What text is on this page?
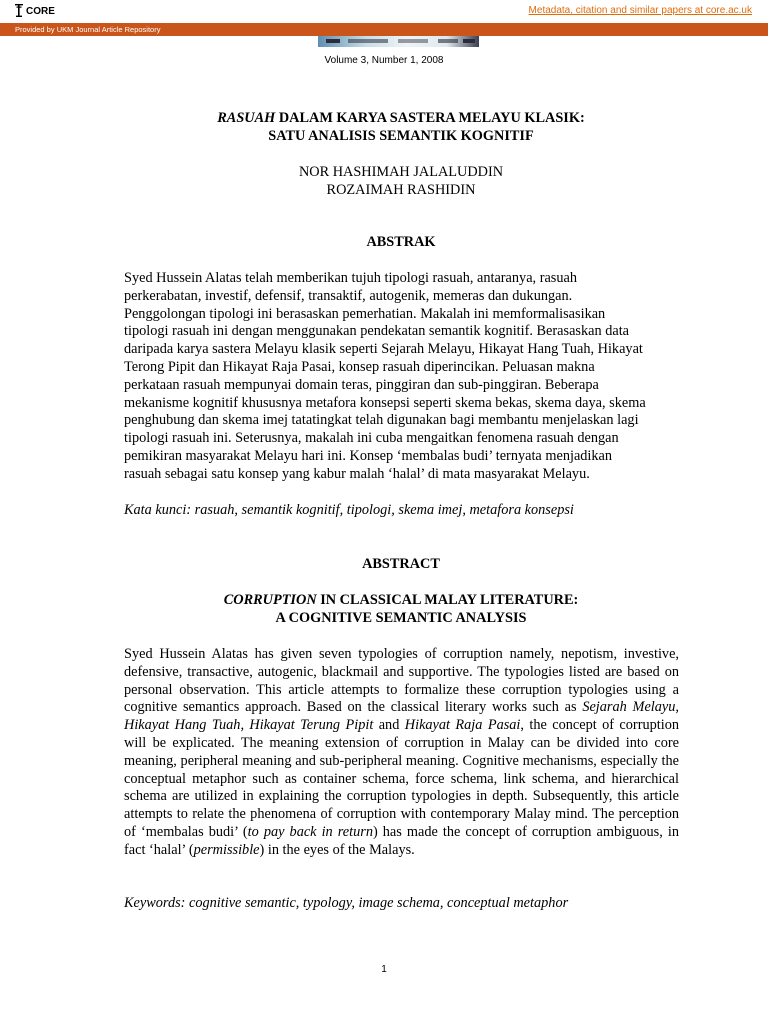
CORE	Metadata, citation and similar papers at core.ac.uk
Provided by UKM Journal Article Repository
Volume 3, Number 1, 2008
RASUAH DALAM KARYA SASTERA MELAYU KLASIK:
SATU ANALISIS SEMANTIK KOGNITIF
NOR HASHIMAH JALALUDDIN
ROZAIMAH RASHIDIN
ABSTRAK
Syed Hussein Alatas telah memberikan tujuh tipologi rasuah, antaranya, rasuah
perkerabatan, investif, defensif, transaktif, autogenik, memeras dan dukungan.
Penggolongan tipologi ini berasaskan pemerhatian. Makalah ini memformalisasikan
tipologi rasuah ini dengan menggunakan pendekatan semantik kognitif. Berasaskan data
daripada karya sastera Melayu klasik seperti Sejarah Melayu, Hikayat Hang Tuah, Hikayat
Terong Pipit dan Hikayat Raja Pasai, konsep rasuah diperincikan. Peluasan makna
perkataan rasuah mempunyai domain teras, pinggiran dan sub-pinggiran. Beberapa
mekanisme kognitif khususnya metafora konsepsi seperti skema bekas, skema daya, skema
penghubung dan skema imej tatatingkat telah digunakan bagi membantu menjelaskan lagi
tipologi rasuah ini. Seterusnya, makalah ini cuba mengaitkan fenomena rasuah dengan
pemikiran masyarakat Melayu hari ini. Konsep ‘membalas budi’ ternyata menjadikan
rasuah sebagai satu konsep yang kabur malah ‘halal’ di mata masyarakat Melayu.
Kata kunci: rasuah, semantik kognitif, tipologi, skema imej, metafora konsepsi
ABSTRACT
CORRUPTION IN CLASSICAL MALAY LITERATURE:
A COGNITIVE SEMANTIC ANALYSIS
Syed Hussein Alatas has given seven typologies of corruption namely, nepotism, investive, defensive, transactive, autogenic, blackmail and supportive. The typologies listed are based on personal observation. This article attempts to formalize these corruption typologies using a cognitive semantics approach. Based on the classical literary works such as Sejarah Melayu, Hikayat Hang Tuah, Hikayat Terung Pipit and Hikayat Raja Pasai, the concept of corruption will be explicated. The meaning extension of corruption in Malay can be divided into core meaning, peripheral meaning and sub-peripheral meaning. Cognitive mechanisms, especially the conceptual metaphor such as container schema, force schema, link schema, and hierarchical schema are utilized in explaining the corruption typologies in depth. Subsequently, this article attempts to relate the phenomena of corruption with contemporary Malay mind. The perception of ‘membalas budi’ (to pay back in return) has made the concept of corruption ambiguous, in fact ‘halal’ (permissible) in the eyes of the Malays.
Keywords: cognitive semantic, typology, image schema, conceptual metaphor
1
